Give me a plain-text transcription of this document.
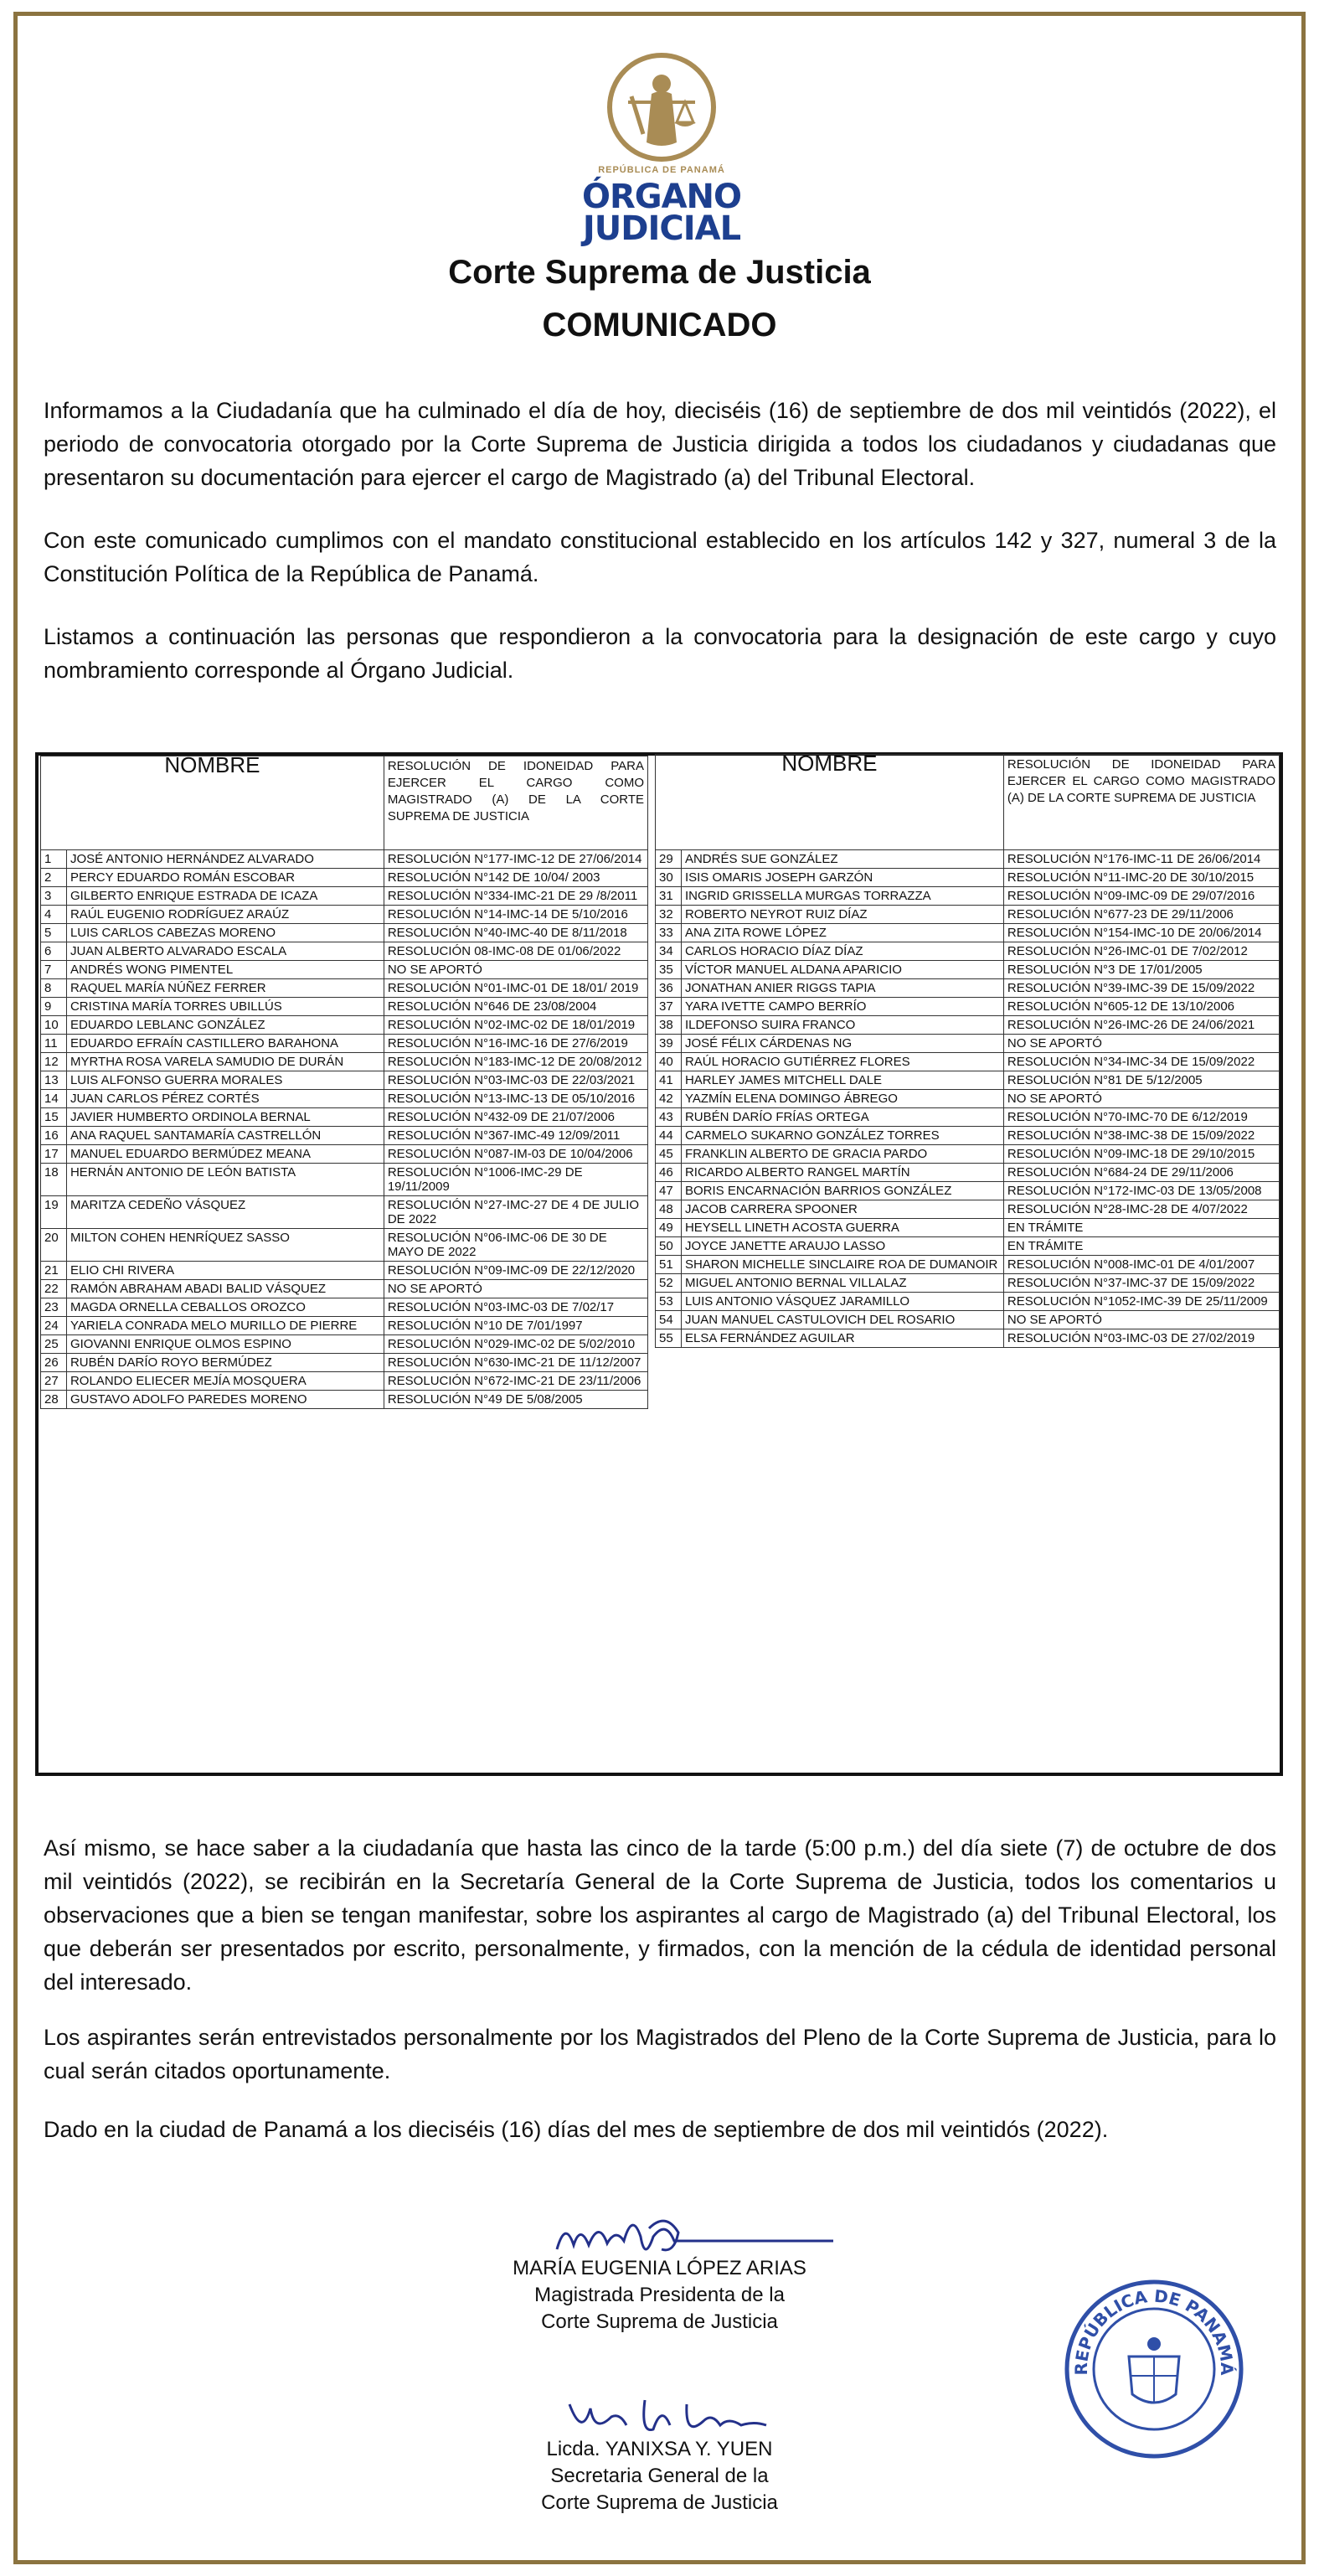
REPÚBLICA DE PANAMÁ
ÓRGANO
JUDICIAL
Corte Suprema de Justicia
COMUNICADO
Informamos a la Ciudadanía que ha culminado el día de hoy, dieciséis (16) de septiembre de dos mil veintidós (2022), el periodo de convocatoria otorgado por la Corte Suprema de Justicia dirigida a todos los ciudadanos y ciudadanas que presentaron su documentación para ejercer el cargo de Magistrado (a) del Tribunal Electoral.
Con este comunicado cumplimos con el mandato constitucional establecido en los artículos 142 y 327, numeral 3 de la Constitución Política de la República de Panamá.
Listamos a continuación las personas que respondieron a la convocatoria para la designación de este cargo y cuyo nombramiento corresponde al Órgano Judicial.
NOMBRE		RESOLUCIÓN DE IDONEIDAD PARA EJERCER EL CARGO COMO MAGISTRADO (A) DE LA CORTE SUPREMA DE JUSTICIA
1	JOSÉ ANTONIO HERNÁNDEZ ALVARADO	RESOLUCIÓN N°177-IMC-12 DE 27/06/2014
2	PERCY EDUARDO ROMÁN ESCOBAR	RESOLUCIÓN N°142 DE 10/04/ 2003
3	GILBERTO ENRIQUE ESTRADA DE ICAZA	RESOLUCIÓN N°334-IMC-21 DE 29 /8/2011
4	RAÚL EUGENIO RODRÍGUEZ ARAÚZ	RESOLUCIÓN N°14-IMC-14 DE 5/10/2016
5	LUIS CARLOS CABEZAS MORENO	RESOLUCIÓN N°40-IMC-40 DE 8/11/2018
6	JUAN ALBERTO ALVARADO ESCALA	RESOLUCIÓN 08-IMC-08 DE 01/06/2022
7	ANDRÉS WONG PIMENTEL	NO SE APORTÓ
8	RAQUEL MARÍA NÚÑEZ FERRER	RESOLUCIÓN N°01-IMC-01 DE 18/01/ 2019
9	CRISTINA MARÍA TORRES UBILLÚS	RESOLUCIÓN N°646 DE 23/08/2004
10	EDUARDO LEBLANC GONZÁLEZ	RESOLUCIÓN N°02-IMC-02 DE 18/01/2019
11	EDUARDO EFRAÍN CASTILLERO BARAHONA	RESOLUCIÓN N°16-IMC-16 DE 27/6/2019
12	MYRTHA ROSA VARELA SAMUDIO DE DURÁN	RESOLUCIÓN N°183-IMC-12 DE 20/08/2012
13	LUIS ALFONSO GUERRA MORALES	RESOLUCIÓN N°03-IMC-03 DE 22/03/2021
14	JUAN CARLOS PÉREZ CORTÉS	RESOLUCIÓN N°13-IMC-13 DE 05/10/2016
15	JAVIER HUMBERTO ORDINOLA BERNAL	RESOLUCIÓN N°432-09 DE 21/07/2006
16	ANA RAQUEL SANTAMARÍA CASTRELLÓN	RESOLUCIÓN N°367-IMC-49 12/09/2011
17	MANUEL EDUARDO BERMÚDEZ MEANA	RESOLUCIÓN N°087-IM-03 DE 10/04/2006
18	HERNÁN ANTONIO DE LEÓN BATISTA	RESOLUCIÓN N°1006-IMC-29 DE 19/11/2009
19	MARITZA CEDEÑO VÁSQUEZ	RESOLUCIÓN N°27-IMC-27 DE 4 DE JULIO DE 2022
20	MILTON COHEN HENRÍQUEZ SASSO	RESOLUCIÓN N°06-IMC-06 DE 30 DE MAYO DE 2022
21	ELIO CHI RIVERA	RESOLUCIÓN N°09-IMC-09 DE 22/12/2020
22	RAMÓN ABRAHAM ABADI BALID VÁSQUEZ	NO SE APORTÓ
23	MAGDA ORNELLA CEBALLOS OROZCO	RESOLUCIÓN N°03-IMC-03 DE 7/02/17
24	YARIELA CONRADA MELO MURILLO DE PIERRE	RESOLUCIÓN N°10 DE 7/01/1997
25	GIOVANNI ENRIQUE OLMOS ESPINO	RESOLUCIÓN N°029-IMC-02 DE 5/02/2010
26	RUBÉN DARÍO ROYO BERMÚDEZ	RESOLUCIÓN N°630-IMC-21 DE 11/12/2007
27	ROLANDO ELIECER MEJÍA MOSQUERA	RESOLUCIÓN N°672-IMC-21 DE 23/11/2006
28	GUSTAVO ADOLFO PAREDES MORENO	RESOLUCIÓN N°49 DE 5/08/2005
NOMBRE		RESOLUCIÓN DE IDONEIDAD PARA EJERCER EL CARGO COMO MAGISTRADO (A) DE LA CORTE SUPREMA DE JUSTICIA
29	ANDRÉS SUE GONZÁLEZ	RESOLUCIÓN N°176-IMC-11 DE 26/06/2014
30	ISIS OMARIS JOSEPH GARZÓN	RESOLUCIÓN N°11-IMC-20 DE 30/10/2015
31	INGRID GRISSELLA MURGAS TORRAZZA	RESOLUCIÓN N°09-IMC-09 DE 29/07/2016
32	ROBERTO NEYROT RUIZ DÍAZ	RESOLUCIÓN N°677-23 DE 29/11/2006
33	ANA ZITA ROWE LÓPEZ	RESOLUCIÓN N°154-IMC-10 DE 20/06/2014
34	CARLOS HORACIO DÍAZ DÍAZ	RESOLUCIÓN N°26-IMC-01 DE 7/02/2012
35	VÍCTOR MANUEL ALDANA APARICIO	RESOLUCIÓN N°3 DE 17/01/2005
36	JONATHAN ANIER RIGGS TAPIA	RESOLUCIÓN N°39-IMC-39 DE 15/09/2022
37	YARA IVETTE CAMPO BERRÍO	RESOLUCIÓN N°605-12 DE 13/10/2006
38	ILDEFONSO SUIRA FRANCO	RESOLUCIÓN N°26-IMC-26 DE 24/06/2021
39	JOSÉ FÉLIX CÁRDENAS NG	NO SE APORTÓ
40	RAÚL HORACIO GUTIÉRREZ FLORES	RESOLUCIÓN N°34-IMC-34 DE 15/09/2022
41	HARLEY JAMES MITCHELL DALE	RESOLUCIÓN N°81 DE 5/12/2005
42	YAZMÍN ELENA DOMINGO ÁBREGO	NO SE APORTÓ
43	RUBÉN DARÍO FRÍAS ORTEGA	RESOLUCIÓN N°70-IMC-70 DE 6/12/2019
44	CARMELO SUKARNO GONZÁLEZ TORRES	RESOLUCIÓN N°38-IMC-38 DE 15/09/2022
45	FRANKLIN ALBERTO DE GRACIA PARDO	RESOLUCIÓN N°09-IMC-18 DE 29/10/2015
46	RICARDO ALBERTO RANGEL MARTÍN	RESOLUCIÓN N°684-24 DE 29/11/2006
47	BORIS ENCARNACIÓN BARRIOS GONZÁLEZ	RESOLUCIÓN N°172-IMC-03 DE 13/05/2008
48	JACOB CARRERA SPOONER	RESOLUCIÓN N°28-IMC-28 DE 4/07/2022
49	HEYSELL LINETH ACOSTA GUERRA	EN TRÁMITE
50	JOYCE JANETTE ARAUJO LASSO	EN TRÁMITE
51	SHARON MICHELLE SINCLAIRE ROA DE DUMANOIR	RESOLUCIÓN N°008-IMC-01 DE 4/01/2007
52	MIGUEL ANTONIO BERNAL VILLALAZ	RESOLUCIÓN N°37-IMC-37 DE 15/09/2022
53	LUIS ANTONIO VÁSQUEZ JARAMILLO	RESOLUCIÓN N°1052-IMC-39 DE 25/11/2009
54	JUAN MANUEL CASTULOVICH DEL ROSARIO	NO SE APORTÓ
55	ELSA FERNÁNDEZ AGUILAR	RESOLUCIÓN N°03-IMC-03 DE 27/02/2019
Así mismo, se hace saber a la ciudadanía que hasta las cinco de la tarde (5:00 p.m.) del día siete (7) de octubre de dos mil veintidós (2022), se recibirán en la Secretaría General de la Corte Suprema de Justicia, todos los comentarios u observaciones que a bien se tengan manifestar, sobre los aspirantes al cargo de Magistrado (a) del Tribunal Electoral, los que deberán ser presentados por escrito, personalmente, y firmados, con la mención de la cédula de identidad personal del interesado.
Los aspirantes serán entrevistados personalmente por los Magistrados del Pleno de la Corte Suprema de Justicia, para lo cual serán citados oportunamente.
Dado en la ciudad de Panamá a los dieciséis (16) días del mes de septiembre de dos mil veintidós (2022).
MARÍA EUGENIA LÓPEZ ARIAS
Magistrada Presidenta de la
Corte Suprema de Justicia
Licda. YANIXSA Y. YUEN
Secretaria General de la
Corte Suprema de Justicia
REPÚBLICA DE PANAMÁ
